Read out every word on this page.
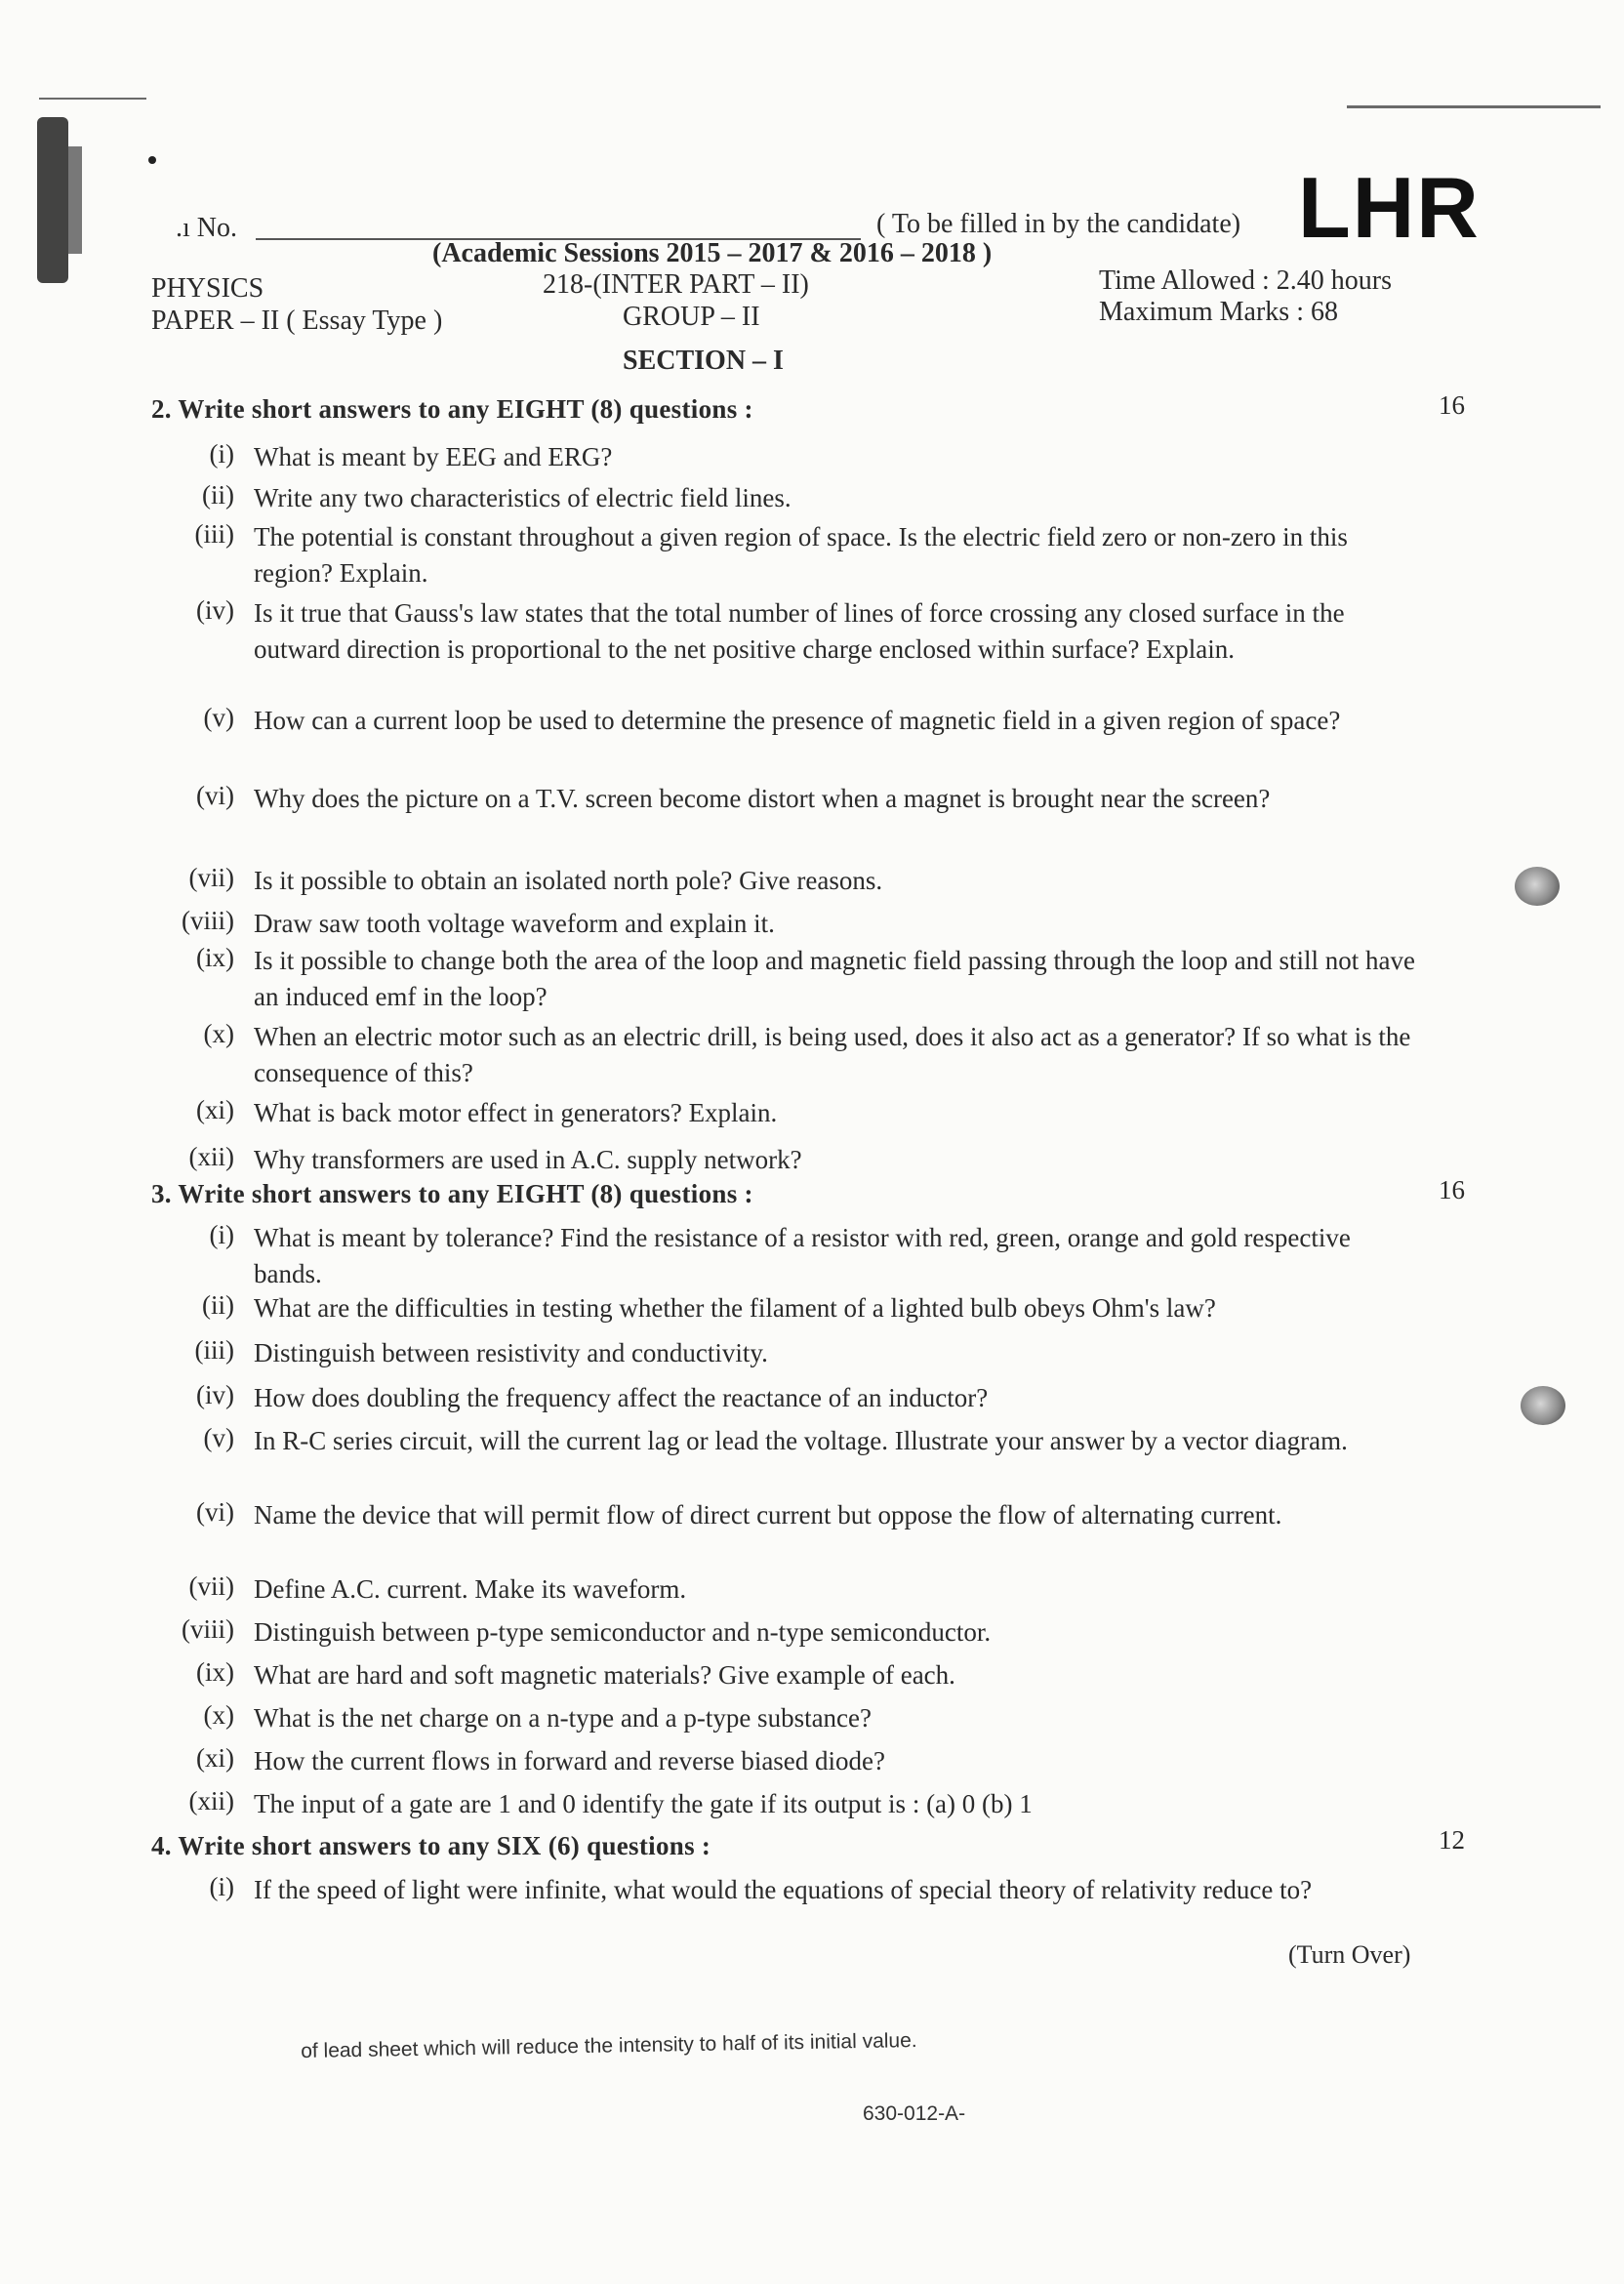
LHR
.ı No.	( To be filled in by the candidate)
(Academic Sessions 2015 – 2017 & 2016 – 2018 )
PHYSICS
PAPER – II ( Essay Type )
218-(INTER PART – II)
GROUP – II
Time Allowed : 2.40 hours
Maximum Marks : 68
SECTION – I
2. Write short answers to any EIGHT (8) questions :	16
(i) What is meant by EEG and ERG?
(ii) Write any two characteristics of electric field lines.
(iii) The potential is constant throughout a given region of space. Is the electric field zero or non-zero in this region? Explain.
(iv) Is it true that Gauss's law states that the total number of lines of force crossing any closed surface in the outward direction is proportional to the net positive charge enclosed within surface? Explain.
(v) How can a current loop be used to determine the presence of magnetic field in a given region of space?
(vi) Why does the picture on a T.V. screen become distort when a magnet is brought near the screen?
(vii) Is it possible to obtain an isolated north pole? Give reasons.
(viii) Draw saw tooth voltage waveform and explain it.
(ix) Is it possible to change both the area of the loop and magnetic field passing through the loop and still not have an induced emf in the loop?
(x) When an electric motor such as an electric drill, is being used, does it also act as a generator? If so what is the consequence of this?
(xi) What is back motor effect in generators? Explain.
(xii) Why transformers are used in A.C. supply network?
3. Write short answers to any EIGHT (8) questions :	16
(i) What is meant by tolerance? Find the resistance of a resistor with red, green, orange and gold respective bands.
(ii) What are the difficulties in testing whether the filament of a lighted bulb obeys Ohm's law?
(iii) Distinguish between resistivity and conductivity.
(iv) How does doubling the frequency affect the reactance of an inductor?
(v) In R-C series circuit, will the current lag or lead the voltage. Illustrate your answer by a vector diagram.
(vi) Name the device that will permit flow of direct current but oppose the flow of alternating current.
(vii) Define A.C. current. Make its waveform.
(viii) Distinguish between p-type semiconductor and n-type semiconductor.
(ix) What are hard and soft magnetic materials? Give example of each.
(x) What is the net charge on a n-type and a p-type substance?
(xi) How the current flows in forward and reverse biased diode?
(xii) The input of a gate are 1 and 0 identify the gate if its output is : (a) 0 (b) 1
4. Write short answers to any SIX (6) questions :	12
(i) If the speed of light were infinite, what would the equations of special theory of relativity reduce to?
(Turn Over)
of lead sheet which will reduce the intensity to half of its initial value.
630-012-A-
